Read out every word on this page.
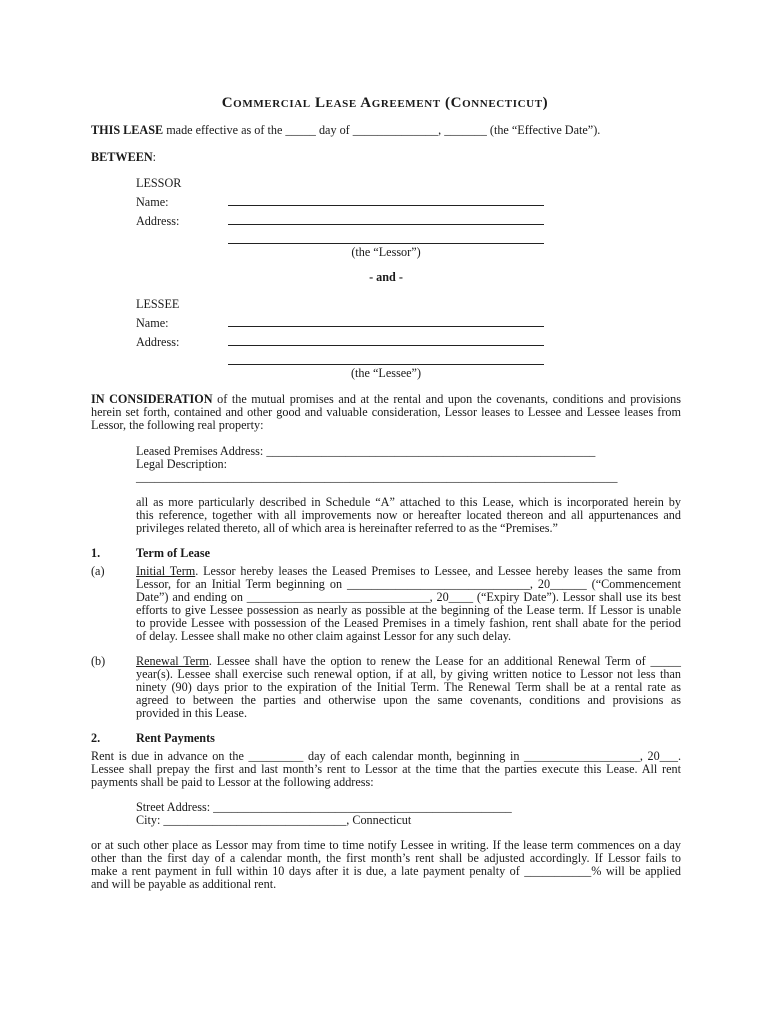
Commercial Lease Agreement (Connecticut)
THIS LEASE made effective as of the _____ day of ______________, _______ (the “Effective Date”).
BETWEEN:
LESSOR
Name:
Address:
(the “Lessor”)
- and -
LESSEE
Name:
Address:
(the “Lessee”)
IN CONSIDERATION of the mutual promises and at the rental and upon the covenants, conditions and provisions
herein set forth, contained and other good and valuable consideration, Lessor leases to Lessee and Lessee leases from
Lessor, the following real property:
Leased Premises Address: ______________________________________________________
Legal Description:
_______________________________________________________________________________
all as more particularly described in Schedule “A” attached to this Lease, which is incorporated herein by
this reference, together with all improvements now or hereafter located thereon and all appurtenances and
privileges related thereto, all of which area is hereinafter referred to as the “Premises.”
1.	Term of Lease
(a)	Initial Term. Lessor hereby leases the Leased Premises to Lessee, and Lessee hereby leases the same from
Lessor, for an Initial Term beginning on ______________________________, 20______ (“Commencement
Date”) and ending on ______________________________, 20____ (“Expiry Date”). Lessor shall use its best
efforts to give Lessee possession as nearly as possible at the beginning of the Lease term. If Lessor is unable
to provide Lessee with possession of the Leased Premises in a timely fashion, rent shall abate for the period
of delay. Lessee shall make no other claim against Lessor for any such delay.
(b)	Renewal Term. Lessee shall have the option to renew the Lease for an additional Renewal Term of _____
year(s). Lessee shall exercise such renewal option, if at all, by giving written notice to Lessor not less than
ninety (90) days prior to the expiration of the Initial Term. The Renewal Term shall be at a rental rate as
agreed to between the parties and otherwise upon the same covenants, conditions and provisions as
provided in this Lease.
2.	Rent Payments
Rent is due in advance on the _________ day of each calendar month, beginning in ___________________, 20___.
Lessee shall prepay the first and last month’s rent to Lessor at the time that the parties execute this Lease. All rent
payments shall be paid to Lessor at the following address:
Street Address: _________________________________________________
City: ______________________________, Connecticut
or at such other place as Lessor may from time to time notify Lessee in writing. If the lease term commences on a day
other than the first day of a calendar month, the first month’s rent shall be adjusted accordingly. If Lessor fails to
make a rent payment in full within 10 days after it is due, a late payment penalty of ___________% will be applied
and will be payable as additional rent.
